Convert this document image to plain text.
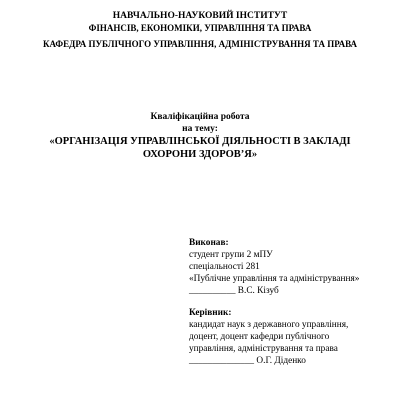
НАВЧАЛЬНО-НАУКОВИЙ ІНСТИТУТ
ФІНАНСІВ, ЕКОНОМІКИ, УПРАВЛІННЯ ТА ПРАВА
КАФЕДРА ПУБЛІЧНОГО УПРАВЛІННЯ, АДМІНІСТРУВАННЯ ТА ПРАВА
Кваліфікаційна робота
на тему:
«ОРГАНІЗАЦІЯ УПРАВЛІНСЬКОЇ ДІЯЛЬНОСТІ В ЗАКЛАДІ
ОХОРОНИ ЗДОРОВ’Я»
Виконав:
студент групи 2 мПУ
спеціальності 281
«Публічне управління та адміністрування»
__________ В.С. Кізуб
Керівник:
кандидат наук з державного управління,
доцент, доцент кафедри публічного
управління, адміністрування та права
______________ О.Г. Діденко
